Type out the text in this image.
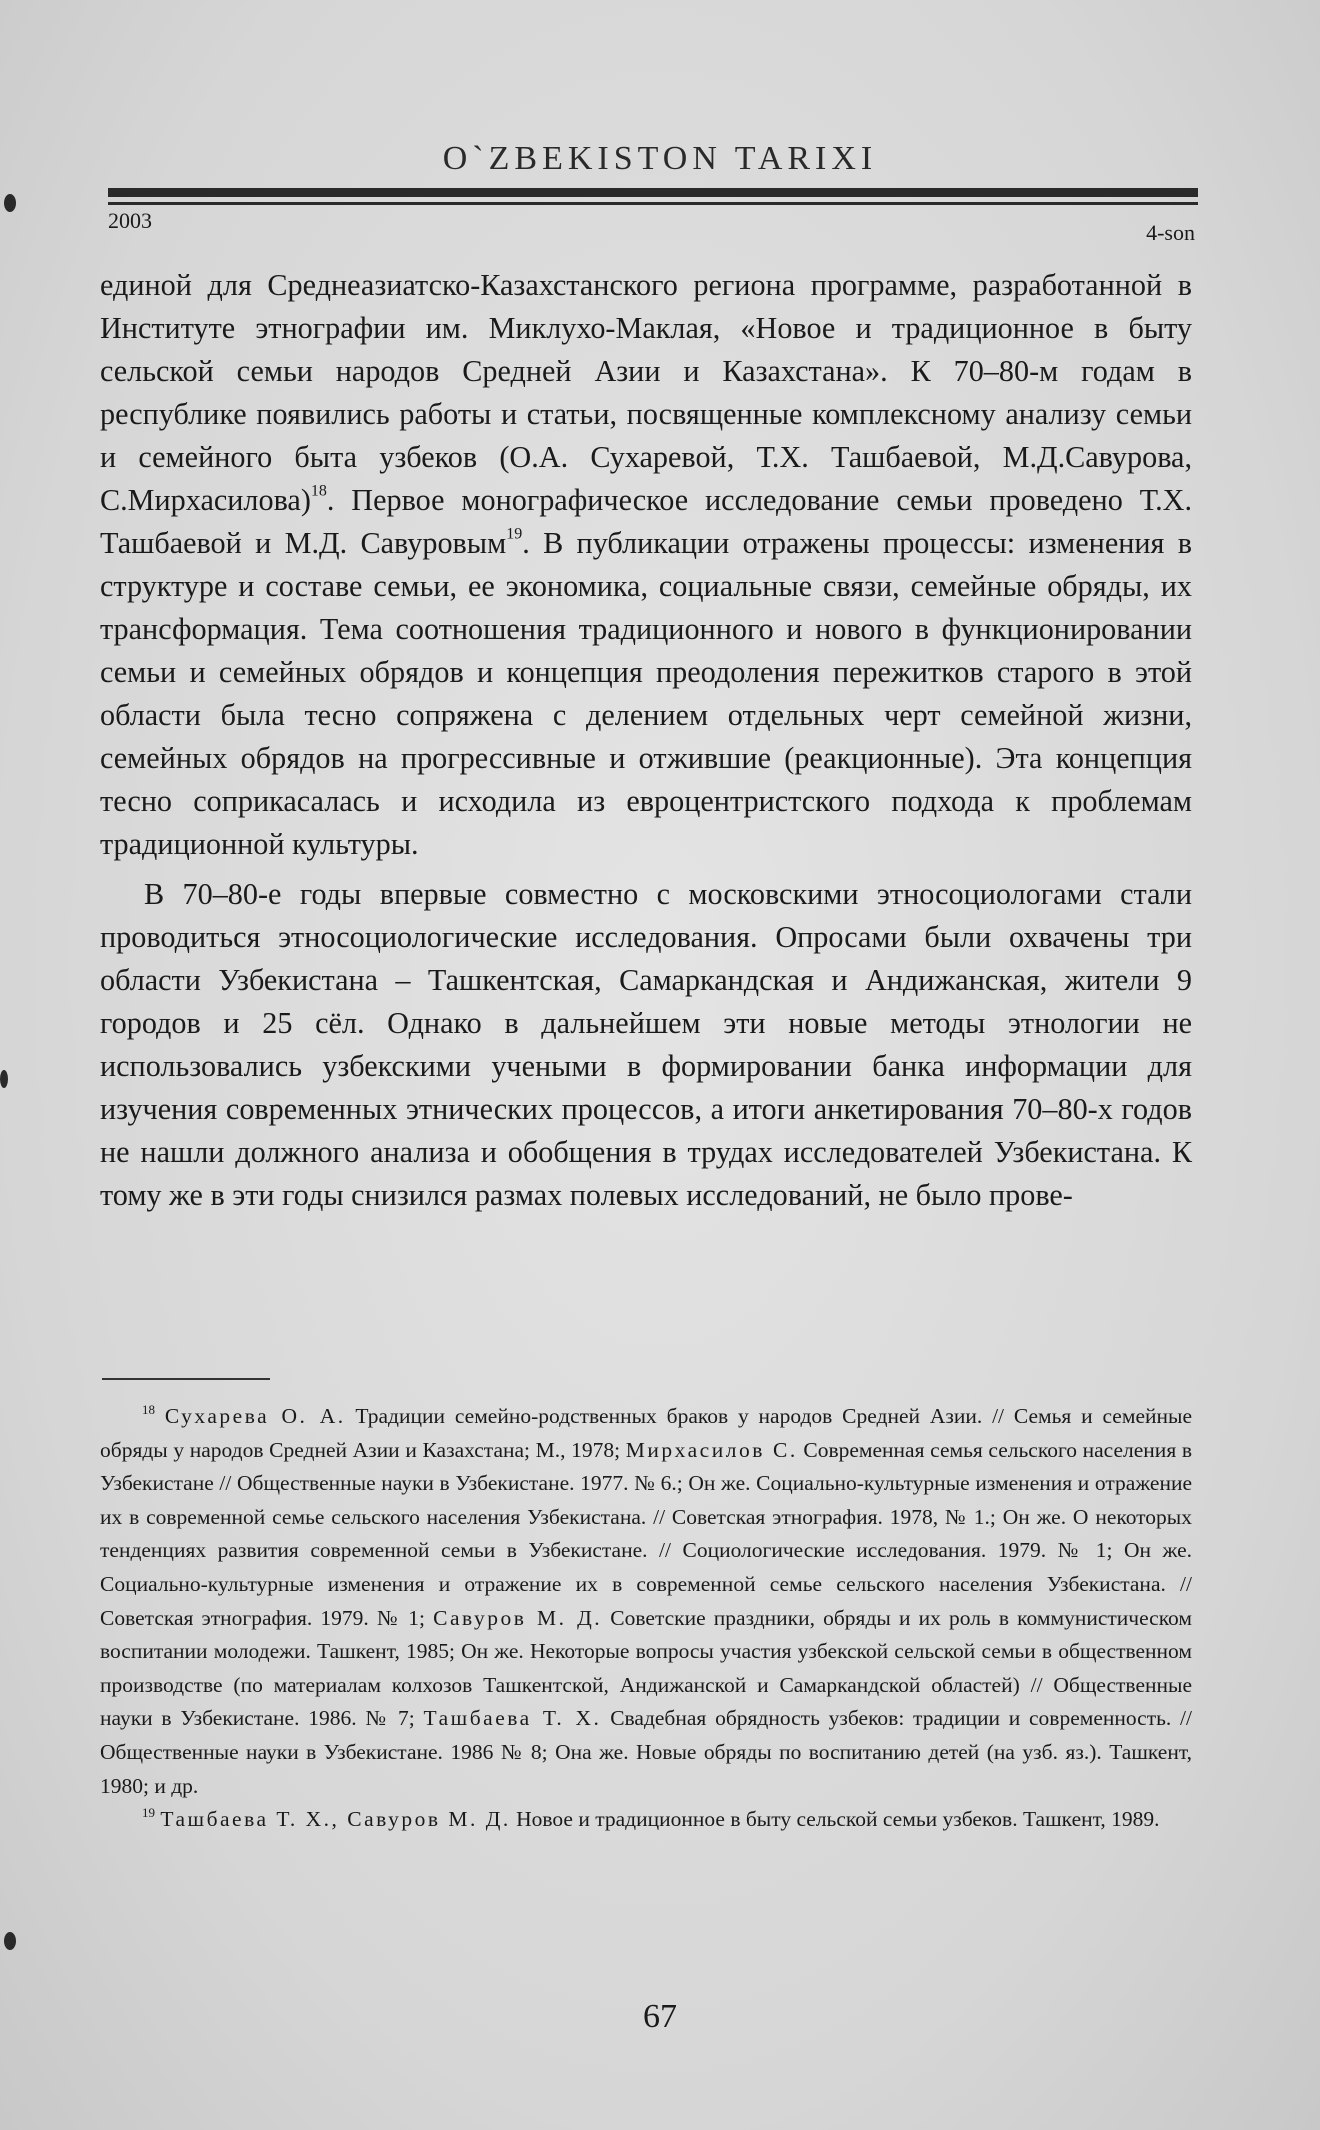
O`ZBEKISTON TARIXI
2003	4-son

единой для Среднеазиатско-Казахстанского региона программе, разработанной в Институте этнографии им. Миклухо-Маклая, «Новое и традиционное в быту сельской семьи народов Средней Азии и Казахстана». К 70–80-м годам в республике появились работы и статьи, посвященные комплексному анализу семьи и семейного быта узбеков (О.А. Сухаревой, Т.Х. Ташбаевой, М.Д.Савурова, С.Мирхасилова)$^{18}$. Первое монографическое исследование семьи проведено Т.Х. Ташбаевой и М.Д. Савуровым$^{19}$. В публикации отражены процессы: изменения в структуре и составе семьи, ее экономика, социальные связи, семейные обряды, их трансформация. Тема соотношения традиционного и нового в функционировании семьи и семейных обрядов и концепция преодоления пережитков старого в этой области была тесно сопряжена с делением отдельных черт семейной жизни, семейных обрядов на прогрессивные и отжившие (реакционные). Эта концепция тесно соприкасалась и исходила из евроцентристского подхода к проблемам традиционной культуры.

В 70–80-е годы впервые совместно с московскими этносоциологами стали проводиться этносоциологические исследования. Опросами были охвачены три области Узбекистана – Ташкентская, Самаркандская и Андижанская, жители 9 городов и 25 сёл. Однако в дальнейшем эти новые методы этнологии не использовались узбекскими учеными в формировании банка информации для изучения современных этнических процессов, а итоги анкетирования 70–80-х годов не нашли должного анализа и обобщения в трудах исследователей Узбекистана. К тому же в эти годы снизился размах полевых исследований, не было прове-

$^{18}$ Сухарева О. А. Традиции семейно-родственных браков у народов Средней Азии. // Семья и семейные обряды у народов Средней Азии и Казахстана; М., 1978; Мирхасилов С. Современная семья сельского населения в Узбекистане // Общественные науки в Узбекистане. 1977. № 6.; Он же. Социально-культурные изменения и отражение их в современной семье сельского населения Узбекистана. // Советская этнография. 1978, № 1.; Он же. О некоторых тенденциях развития современной семьи в Узбекистане. // Социологические исследования. 1979. № 1; Он же. Социально-культурные изменения и отражение их в современной семье сельского населения Узбекистана. // Советская этнография. 1979. № 1; Савуров М. Д. Советские праздники, обряды и их роль в коммунистическом воспитании молодежи. Ташкент, 1985; Он же. Некоторые вопросы участия узбекской сельской семьи в общественном производстве (по материалам колхозов Ташкентской, Андижанской и Самаркандской областей) // Общественные науки в Узбекистане. 1986. № 7; Ташбаева Т. Х. Свадебная обрядность узбеков: традиции и современность. // Общественные науки в Узбекистане. 1986 № 8; Она же. Новые обряды по воспитанию детей (на узб. яз.). Ташкент, 1980; и др.

$^{19}$ Ташбаева Т. Х., Савуров М. Д. Новое и традиционное в быту сельской семьи узбеков. Ташкент, 1989.

67
